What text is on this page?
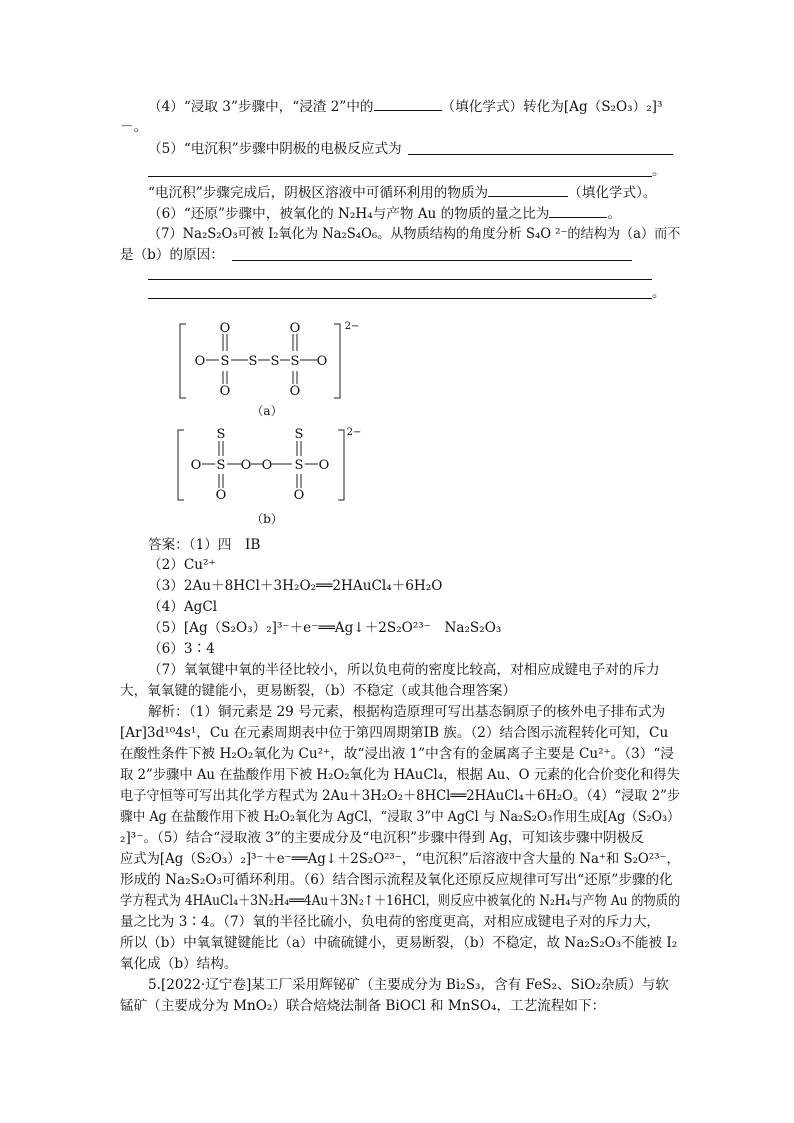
（4）“浸取 3”步骤中，“浸渣 2”中的	（填化学式）转化为[Ag（S₂O₃）₂]³
－。
（5）“电沉积”步骤中阴极的电极反应式为
。
“电沉积”步骤完成后，阴极区溶液中可循环利用的物质为	（填化学式）。
（6）“还原”步骤中，被氧化的 N₂H₄与产物 Au 的物质的量之比为	。
（7）Na₂S₂O₃可被 I₂氧化为 Na₂S₄O₆。从物质结构的角度分析 S₄O ²⁻的结构为（a）而不
是（b）的原因：
。
O	O
O S S S S O
O	O
2−
（a）
S	S
O S O O S O
O	O
2−
（b）
答案：（1）四　ⅠB
（2）Cu²⁺
（3）2Au＋8HCl＋3H₂O₂══2HAuCl₄＋6H₂O
（4）AgCl
（5）[Ag（S₂O₃）₂]³⁻＋e⁻══Ag↓＋2S₂O²³⁻　Na₂S₂O₃
（6）3∶4
（7）氧氧键中氧的半径比较小，所以负电荷的密度比较高，对相应成键电子对的斥力
大，氧氧键的键能小，更易断裂，（b）不稳定（或其他合理答案）
解析：（1）铜元素是 29 号元素，根据构造原理可写出基态铜原子的核外电子排布式为
[Ar]3d¹⁰4s¹，Cu 在元素周期表中位于第四周期第ⅠB 族。（2）结合图示流程转化可知，Cu
在酸性条件下被 H₂O₂氧化为 Cu²⁺，故“浸出液 1”中含有的金属离子主要是 Cu²⁺。（3）“浸
取 2”步骤中 Au 在盐酸作用下被 H₂O₂氧化为 HAuCl₄，根据 Au、O 元素的化合价变化和得失
电子守恒等可写出其化学方程式为 2Au＋3H₂O₂＋8HCl══2HAuCl₄＋6H₂O。（4）“浸取 2”步
骤中 Ag 在盐酸作用下被 H₂O₂氧化为 AgCl，“浸取 3”中 AgCl 与 Na₂S₂O₃作用生成[Ag（S₂O₃）
₂]³⁻。（5）结合“浸取液 3”的主要成分及“电沉积”步骤中得到 Ag，可知该步骤中阴极反
应式为[Ag（S₂O₃）₂]³⁻＋e⁻══Ag↓＋2S₂O²³⁻，“电沉积”后溶液中含大量的 Na⁺和 S₂O²³⁻，
形成的 Na₂S₂O₃可循环利用。（6）结合图示流程及氧化还原反应规律可写出“还原”步骤的化
学方程式为 4HAuCl₄＋3N₂H₄══4Au＋3N₂↑＋16HCl，则反应中被氧化的 N₂H₄与产物 Au 的物质的
量之比为 3∶4。（7）氧的半径比硫小，负电荷的密度更高，对相应成键电子对的斥力大，
所以（b）中氧氧键键能比（a）中硫硫键小，更易断裂，（b）不稳定，故 Na₂S₂O₃不能被 I₂
氧化成（b）结构。
5.[2022·辽宁卷]某工厂采用辉铋矿（主要成分为 Bi₂S₃，含有 FeS₂、SiO₂杂质）与软
锰矿（主要成分为 MnO₂）联合焙烧法制备 BiOCl 和 MnSO₄，工艺流程如下：
